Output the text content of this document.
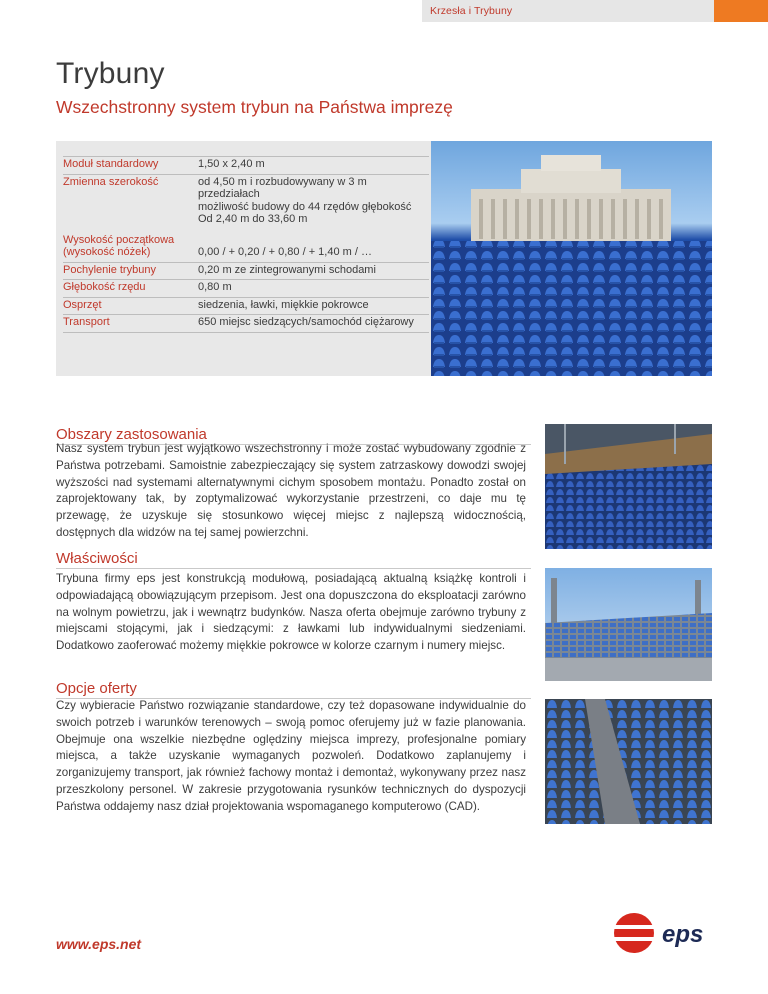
Krzesła i Trybuny
Trybuny
Wszechstronny system trybun na Państwa imprezę
Moduł standardowy	1,50 x 2,40 m
Zmienna szerokość	od 4,50 m i rozbudowywany w 3 m
przedziałach
możliwość budowy do 44 rzędów głębokość
Od 2,40 m do 33,60 m
Wysokość początkowa (wysokość nóżek)
	0,00 / + 0,20 / + 0,80 / + 1,40 m / …
Pochylenie trybuny	0,20 m ze zintegrowanymi schodami
Głębokość rzędu	0,80 m
Osprzęt	siedzenia, ławki, miękkie pokrowce
Transport	650 miejsc siedzących/samochód ciężarowy
Obszary zastosowania

Nasz system trybun jest wyjątkowo wszechstronny i może zostać wybudowany zgodnie z Państwa potrzebami. Samoistnie zabezpieczający się system zatrzaskowy dowodzi swojej wyższości nad systemami alternatywnymi cichym sposobem montażu. Ponadto został on zaprojektowany tak, by zoptymalizować wykorzystanie przestrzeni, co daje mu tę przewagę, że uzyskuje się stosunkowo więcej miejsc z najlepszą widocznością, dostępnych dla widzów na tej samej powierzchni.

Właściwości

Trybuna firmy eps jest konstrukcją modułową, posiadającą aktualną książkę kontroli i odpowiadającą obowiązującym przepisom. Jest ona dopuszczona do eksploatacji zarówno na wolnym powietrzu, jak i wewnątrz budynków. Nasza oferta obejmuje zarówno trybuny z miejscami stojącymi, jak i siedzącymi: z ławkami lub indywidualnymi siedzeniami. Dodatkowo zaoferować możemy miękkie pokrowce w kolorze czarnym i numery miejsc.

Opcje oferty

Czy wybieracie Państwo rozwiązanie standardowe, czy też dopasowane indywidualnie do swoich potrzeb i warunków terenowych – swoją pomoc oferujemy już w fazie planowania. Obejmuje ona wszelkie niezbędne oględziny miejsca imprezy, profesjonalne pomiary miejsca, a także uzyskanie wymaganych pozwoleń. Dodatkowo zaplanujemy i zorganizujemy transport, jak również fachowy montaż i demontaż, wykonywany przez nasz przeszkolony personel. W zakresie przygotowania rysunków technicznych do dyspozycji Państwa oddajemy nasz dział projektowania wspomaganego komputerowo (CAD).

www.eps.net	eps
